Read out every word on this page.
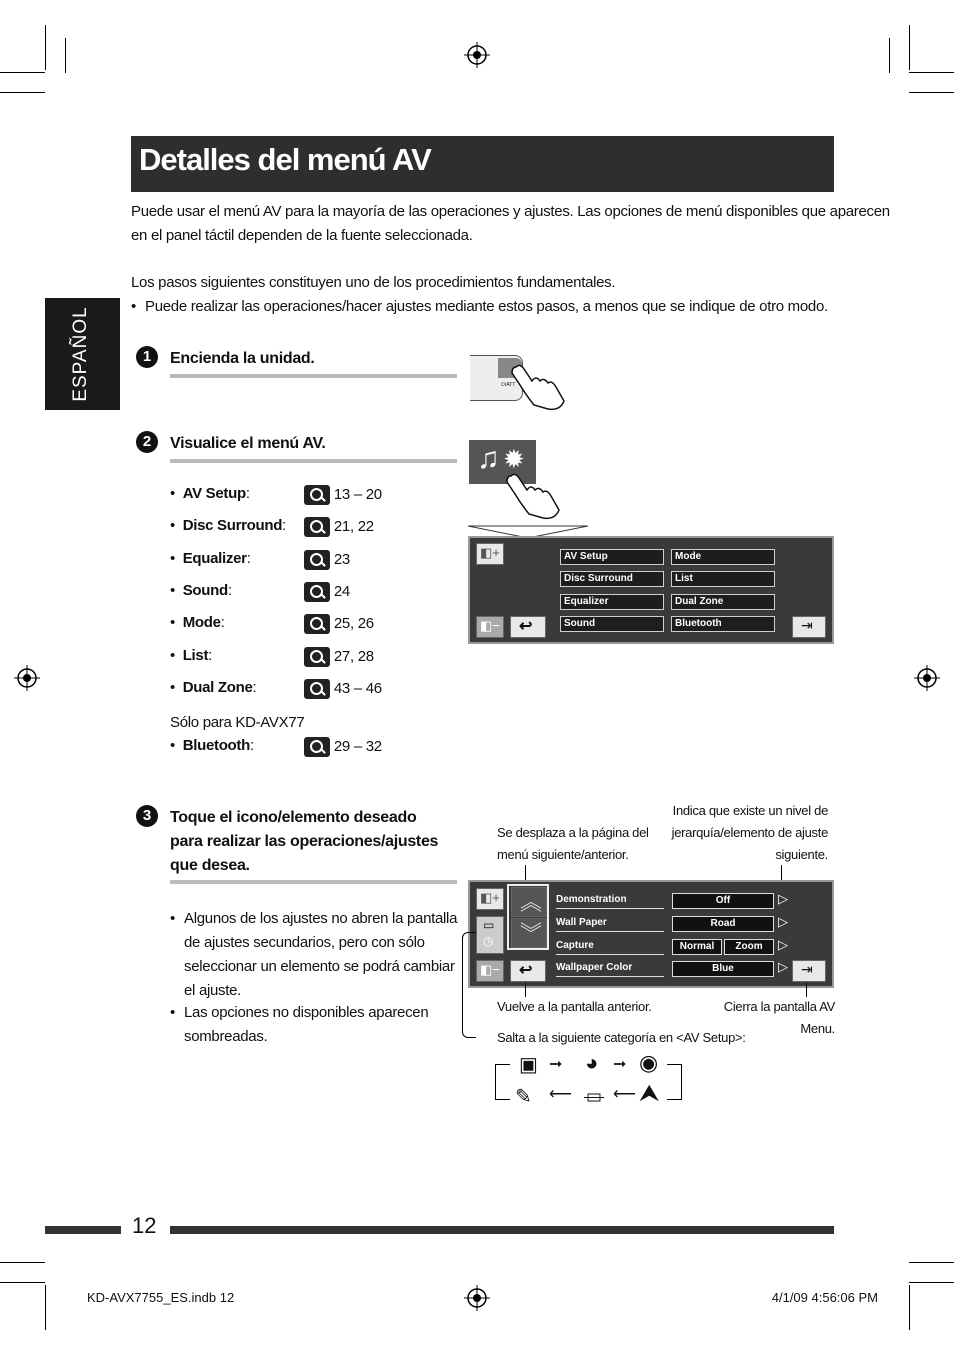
Detalles del menú AV
ESPAÑOL
Puede usar el menú AV para la mayoría de las operaciones y ajustes. Las opciones de menú disponibles que aparecen
en el panel táctil dependen de la fuente seleccionada.
Los pasos siguientes constituyen uno de los procedimientos fundamentales.
• Puede realizar las operaciones/hacer ajustes mediante estos pasos, a menos que se indique de otro modo.
1	Encienda la unidad.
⏻/ATT
2	Visualice el menú AV.
•  AV Setup:	13 – 20
•  Disc Surround:	21, 22
•  Equalizer:	23
•  Sound:	24
•  Mode:	25, 26
•  List:	27, 28
•  Dual Zone:	43 – 46
Sólo para KD-AVX77
•  Bluetooth:	29 – 32
♫ ✹
◧+
◧− ↩	⇥
AV Setup
Disc Surround
Equalizer
Sound
Mode
List
Dual Zone
Bluetooth
3	Toque el icono/elemento deseado
para realizar las operaciones/ajustes
que desea.
• Algunos de los ajustes no abren la pantalla
de ajustes secundarios, pero con sólo
seleccionar un elemento se podrá cambiar
el ajuste.
• Las opciones no disponibles aparecen
sombreadas.
Se desplaza a la página del
menú siguiente/anterior.
Indica que existe un nivel de
jerarquía/elemento de ajuste
siguiente.
◧+
▭
◷
◧−
︽
︾
↩	⇥
Demonstration	Off	▷
Wall Paper	Road	▷
Capture	Normal	Zoom	▷
Wallpaper Color	Blue	▷
Vuelve a la pantalla anterior.	Cierra la pantalla AV
Menu.
Salta a la siguiente categoría en <AV Setup>:
▣ ➞ ◕ ➞ ◉
✎ ⟵ ⏛ ⟵ ⮝
12
KD-AVX7755_ES.indb 12	4/1/09 4:56:06 PM
